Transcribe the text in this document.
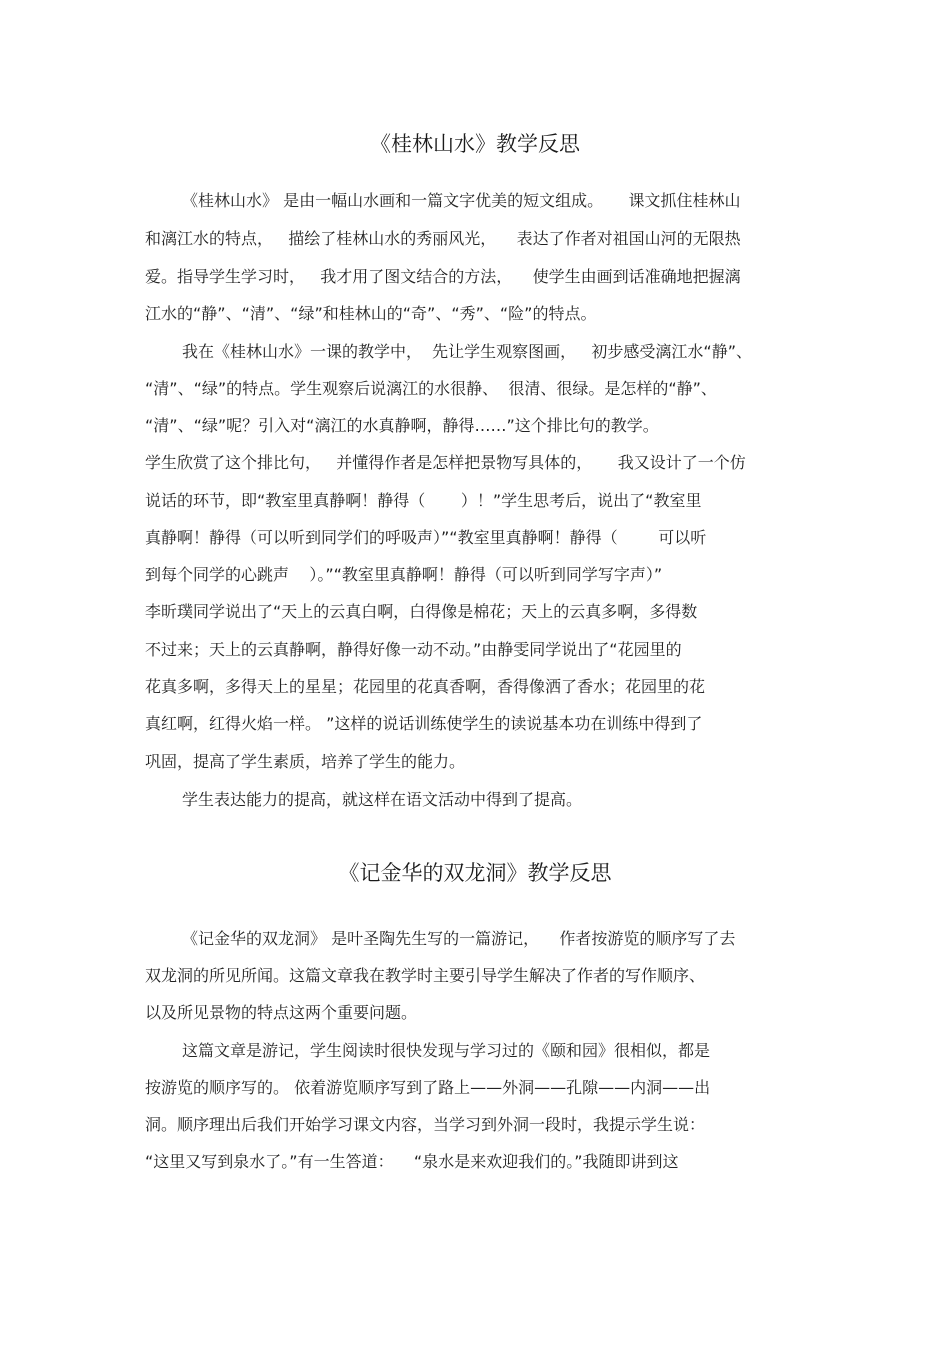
《桂林山水》教学反思
《桂林山水》 是由一幅山水画和一篇文字优美的短文组成。     课文抓住桂林山
和漓江水的特点，   描绘了桂林山水的秀丽风光，    表达了作者对祖国山河的无限热
爱。指导学生学习时，   我才用了图文结合的方法，    使学生由画到话准确地把握漓
江水的“静”、“清”、“绿”和桂林山的“奇”、“秀”、“险”的特点。
我在《桂林山水》一课的教学中，  先让学生观察图画，   初步感受漓江水“静”、
“清”、“绿”的特点。学生观察后说漓江的水很静、  很清、很绿。是怎样的“静”、
“清”、“绿”呢？引入对“漓江的水真静啊，静得……”这个排比句的教学。
学生欣赏了这个排比句，   并懂得作者是怎样把景物写具体的，     我又设计了一个仿
说话的环节，即“教室里真静啊！静得（       ）！”学生思考后，说出了“教室里
真静啊！静得（可以听到同学们的呼吸声）”“教室里真静啊！静得（        可以听
到每个同学的心跳声    ）。”“教室里真静啊！静得（可以听到同学写字声）”
李昕璞同学说出了“天上的云真白啊，白得像是棉花；天上的云真多啊，多得数
不过来；天上的云真静啊，静得好像一动不动。”由静雯同学说出了“花园里的
花真多啊，多得天上的星星；花园里的花真香啊，香得像洒了香水；花园里的花
真红啊，红得火焰一样。 ”这样的说话训练使学生的读说基本功在训练中得到了
巩固，提高了学生素质，培养了学生的能力。
学生表达能力的提高，就这样在语文活动中得到了提高。
《记金华的双龙洞》教学反思
《记金华的双龙洞》 是叶圣陶先生写的一篇游记，    作者按游览的顺序写了去
双龙洞的所见所闻。这篇文章我在教学时主要引导学生解决了作者的写作顺序、
以及所见景物的特点这两个重要问题。
这篇文章是游记，学生阅读时很快发现与学习过的《颐和园》很相似，都是
按游览的顺序写的。 依着游览顺序写到了路上——外洞——孔隙——内洞——出
洞。顺序理出后我们开始学习课文内容，当学习到外洞一段时，我提示学生说：
“这里又写到泉水了。”有一生答道：    “泉水是来欢迎我们的。”我随即讲到这
